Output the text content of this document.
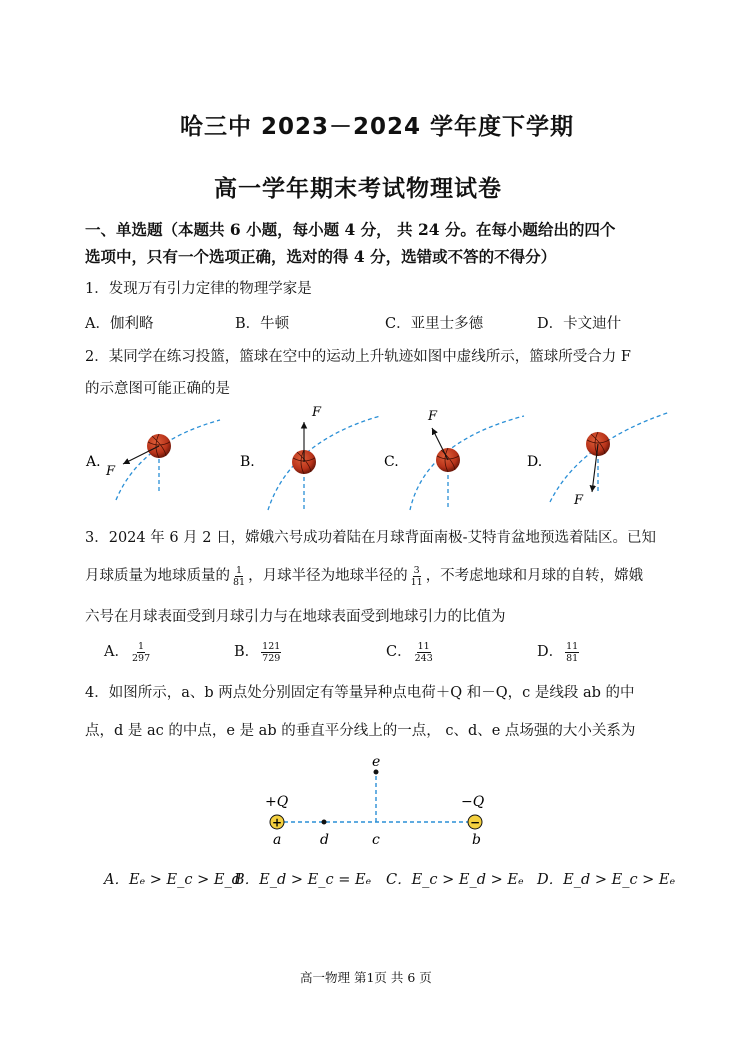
哈三中 2023－2024 学年度下学期
高一学年期末考试物理试卷
一、单选题（本题共 6 小题，每小题 4 分， 共 24 分。在每小题给出的四个
选项中，只有一个选项正确，选对的得 4 分，选错或不答的不得分）
1．发现万有引力定律的物理学家是
A．伽利略	B．牛顿	C．亚里士多德	D．卡文迪什
2．某同学在练习投篮，篮球在空中的运动上升轨迹如图中虚线所示，篮球所受合力 F
的示意图可能正确的是
A.
F
B.
F
C.
F
D.
F
3．2024 年 6 月 2 日，嫦娥六号成功着陆在月球背面南极-艾特肯盆地预选着陆区。已知
月球质量为地球质量的 $\frac{1}{81}$ ，月球半径为地球半径的 $\frac{3}{11}$ ，不考虑地球和月球的自转，嫦娥
六号在月球表面受到月球引力与在地球表面受到地球引力的比值为
A． $\frac{1}{297}$	B． $\frac{121}{729}$	C． $\frac{11}{243}$	D． $\frac{11}{81}$
4．如图所示，a、b 两点处分别固定有等量异种点电荷＋Q 和－Q，c 是线段 ab 的中
点，d 是 ac 的中点，e 是 ab 的垂直平分线上的一点， c、d、e 点场强的大小关系为
+	−
+Q	−Q
a	b
c
d
e
A．Eₑ > E_c > E_d
B．E_d > E_c = Eₑ C．E_c > E_d > Eₑ D．E_d > E_c > Eₑ
高一物理 第1页 共 6 页
